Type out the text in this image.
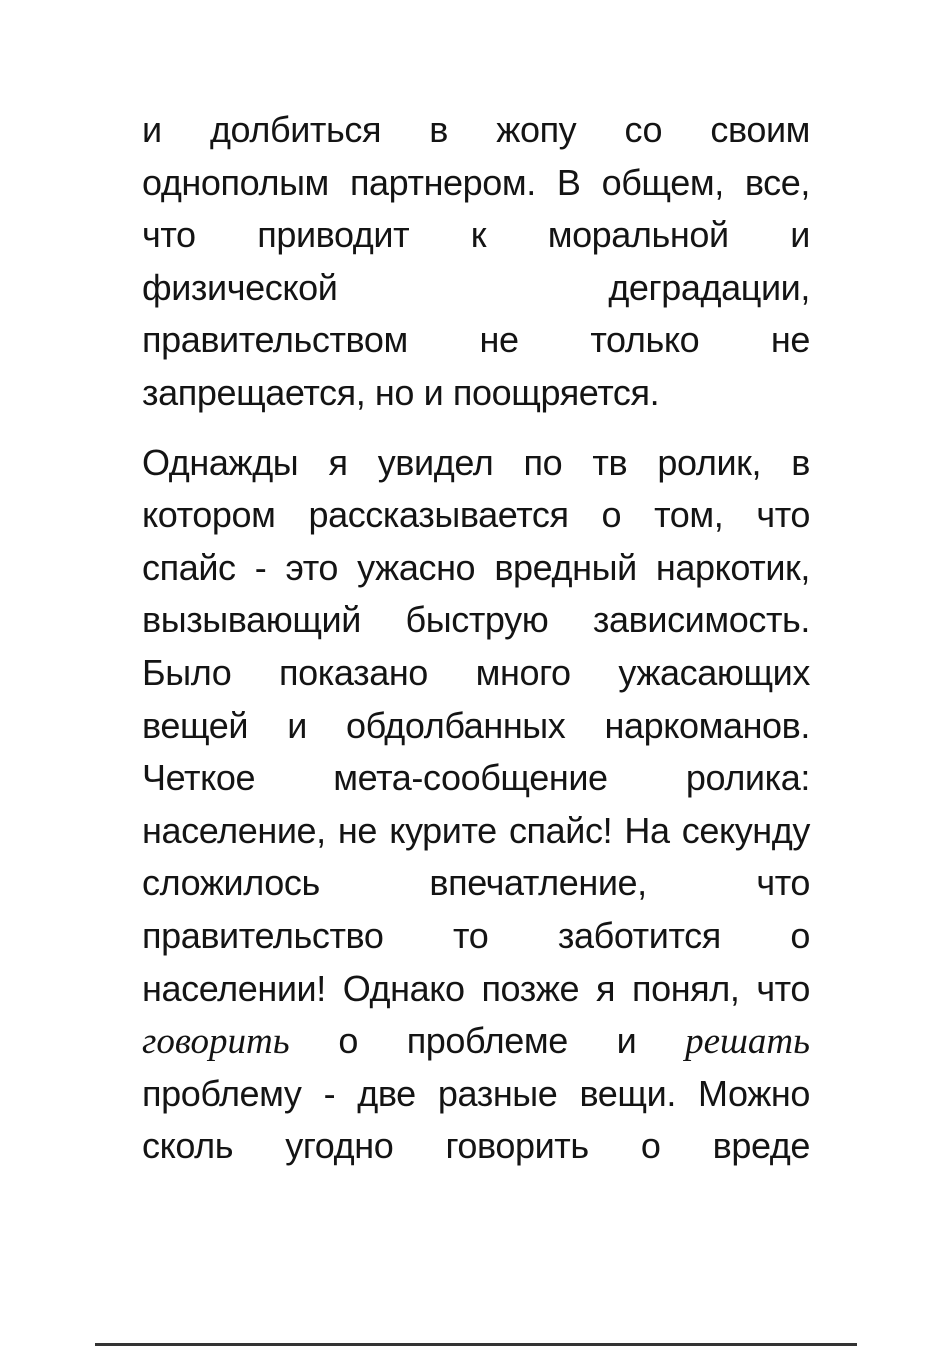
и долбиться в жопу со своим
однополым партнером. В общем, все,
что приводит к моральной и
физической деградации,
правительством не только не
запрещается, но и поощряется.
Однажды я увидел по тв ролик, в
котором рассказывается о том, что
спайс - это ужасно вредный наркотик,
вызывающий быструю зависимость.
Было показано много ужасающих
вещей и обдолбанных наркоманов.
Четкое мета-сообщение ролика:
население, не курите спайс! На секунду
сложилось впечатление, что
правительство то заботится о
населении! Однако позже я понял, что
говорить о проблеме и решать
проблему - две разные вещи. Можно
сколь угодно говорить о вреде
